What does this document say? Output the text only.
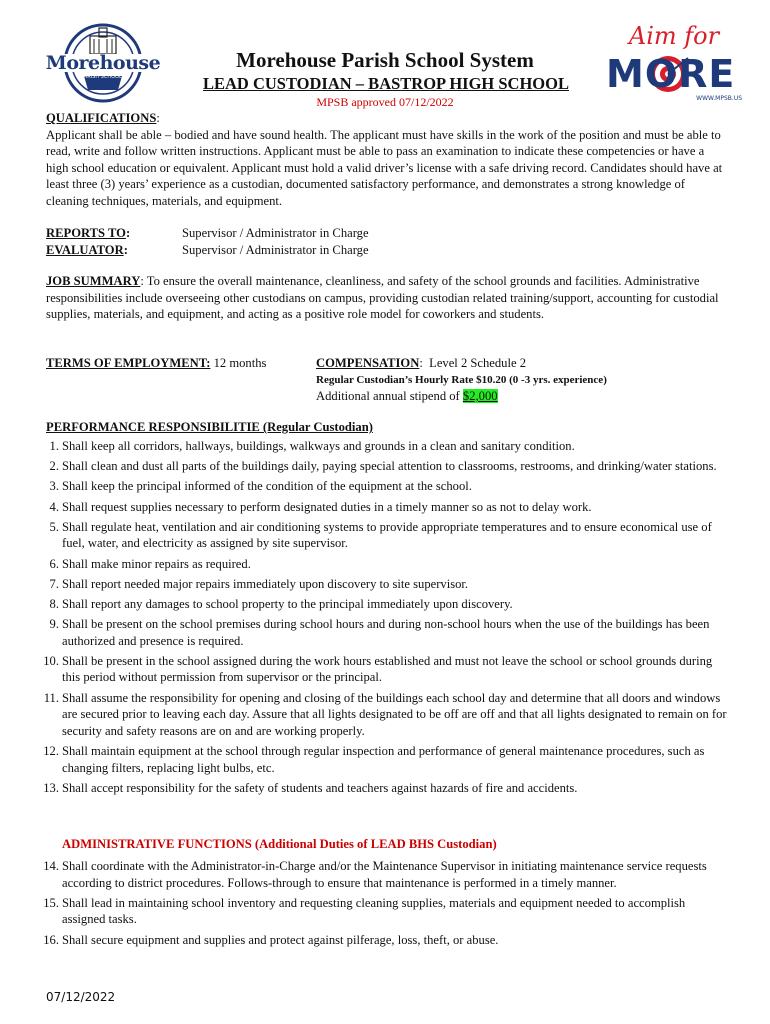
Morehouse
PARISH SCHOOLS
Morehouse Parish School System
LEAD CUSTODIAN – BASTROP HIGH SCHOOL
MPSB approved 07/12/2022
Aim for
MORE
WWW.MPSB.US
QUALIFICATIONS:
Applicant shall be able – bodied and have sound health. The applicant must have skills in the work of the position and must be able to read, write and follow written instructions. Applicant must be able to pass an examination to indicate these competencies or have a high school education or equivalent. Applicant must hold a valid driver’s license with a safe driving record. Candidates should have at least three (3) years’ experience as a custodian, documented satisfactory performance, and demonstrates a strong knowledge of cleaning techniques, materials, and equipment.
REPORTS TO:	Supervisor / Administrator in Charge
EVALUATOR:	Supervisor / Administrator in Charge
JOB SUMMARY: To ensure the overall maintenance, cleanliness, and safety of the school grounds and facilities. Administrative responsibilities include overseeing other custodians on campus, providing custodian related training/support, accounting for custodial supplies, materials, and equipment, and acting as a positive role model for coworkers and students.
TERMS OF EMPLOYMENT: 12 months	COMPENSATION:  Level 2 Schedule 2
Regular Custodian’s Hourly Rate $10.20 (0 -3 yrs. experience)
Additional annual stipend of $2,000
PERFORMANCE RESPONSIBILITIE (Regular Custodian)
1. Shall keep all corridors, hallways, buildings, walkways and grounds in a clean and sanitary condition.
2. Shall clean and dust all parts of the buildings daily, paying special attention to classrooms, restrooms, and drinking/water stations.
3. Shall keep the principal informed of the condition of the equipment at the school.
4. Shall request supplies necessary to perform designated duties in a timely manner so as not to delay work.
5. Shall regulate heat, ventilation and air conditioning systems to provide appropriate temperatures and to ensure economical use of fuel, water, and electricity as assigned by site supervisor.
6. Shall make minor repairs as required.
7. Shall report needed major repairs immediately upon discovery to site supervisor.
8. Shall report any damages to school property to the principal immediately upon discovery.
9. Shall be present on the school premises during school hours and during non-school hours when the use of the buildings has been authorized and presence is required.
10. Shall be present in the school assigned during the work hours established and must not leave the school or school grounds during this period without permission from supervisor or the principal.
11. Shall assume the responsibility for opening and closing of the buildings each school day and determine that all doors and windows are secured prior to leaving each day. Assure that all lights designated to be off are off and that all lights designated to remain on for security and safety reasons are on and are working properly.
12. Shall maintain equipment at the school through regular inspection and performance of general maintenance procedures, such as changing filters, replacing light bulbs, etc.
13. Shall accept responsibility for the safety of students and teachers against hazards of fire and accidents.
ADMINISTRATIVE FUNCTIONS (Additional Duties of LEAD BHS Custodian)
14. Shall coordinate with the Administrator-in-Charge and/or the Maintenance Supervisor in initiating maintenance service requests according to district procedures. Follows-through to ensure that maintenance is performed in a timely manner.
15. Shall lead in maintaining school inventory and requesting cleaning supplies, materials and equipment needed to accomplish assigned tasks.
16. Shall secure equipment and supplies and protect against pilferage, loss, theft, or abuse.
07/12/2022
